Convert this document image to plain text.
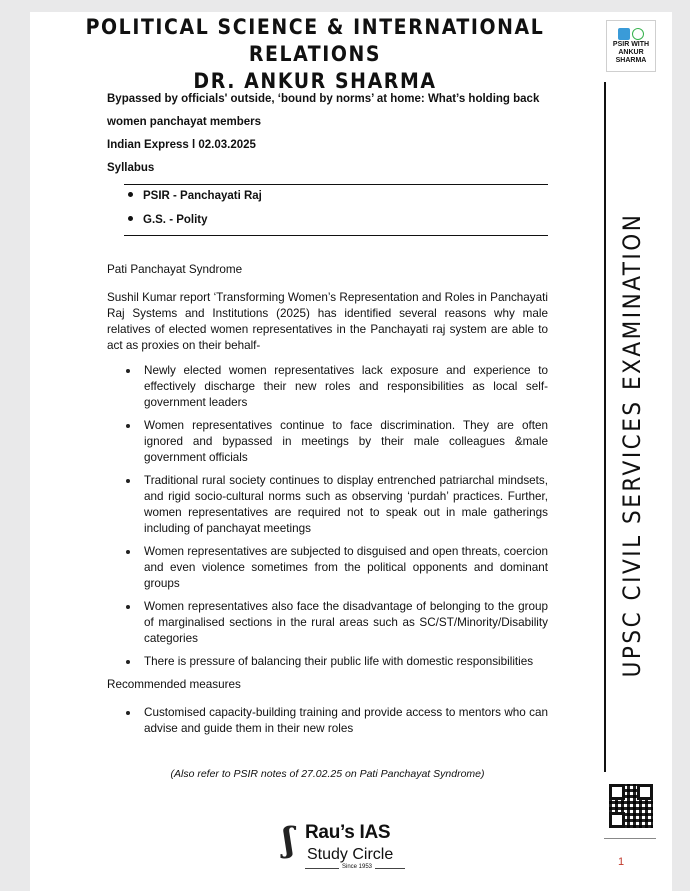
POLITICAL SCIENCE & INTERNATIONAL RELATIONS
DR. ANKUR SHARMA
PSIR WITH
ANKUR
SHARMA
UPSC CIVIL SERVICES EXAMINATION
1
Bypassed by officials' outside, ‘bound by norms’ at home: What’s holding back
women panchayat members
Indian Express l 02.03.2025
Syllabus
PSIR - Panchayati Raj
G.S. - Polity
Pati Panchayat Syndrome
Sushil Kumar report ‘Transforming Women’s Representation and Roles in Panchayati Raj Systems and Institutions (2025) has identified several reasons why male relatives of elected women representatives in the Panchayati raj system are able to act as proxies on their behalf-
Newly elected women representatives lack exposure and experience to effectively discharge their new roles and responsibilities as local self-government leaders
Women representatives continue to face discrimination. They are often ignored and bypassed in meetings by their male colleagues &male government officials
Traditional rural society continues to display entrenched patriarchal mindsets, and rigid socio-cultural norms such as observing ‘purdah’ practices. Further, women representatives are required not to speak out in male gatherings including of panchayat meetings
Women representatives are subjected to disguised and open threats, coercion and even violence sometimes from the political opponents and dominant groups
Women representatives also face the disadvantage of belonging to the group of marginalised sections in the rural areas such as SC/ST/Minority/Disability categories
There is pressure of balancing their public life with domestic responsibilities
Recommended measures
Customised capacity-building training and provide access to mentors who can advise and guide them in their new roles
(Also refer to PSIR notes of 27.02.25 on Pati Panchayat Syndrome)
ʃ Rau’s IAS
Study Circle
Since 1953
